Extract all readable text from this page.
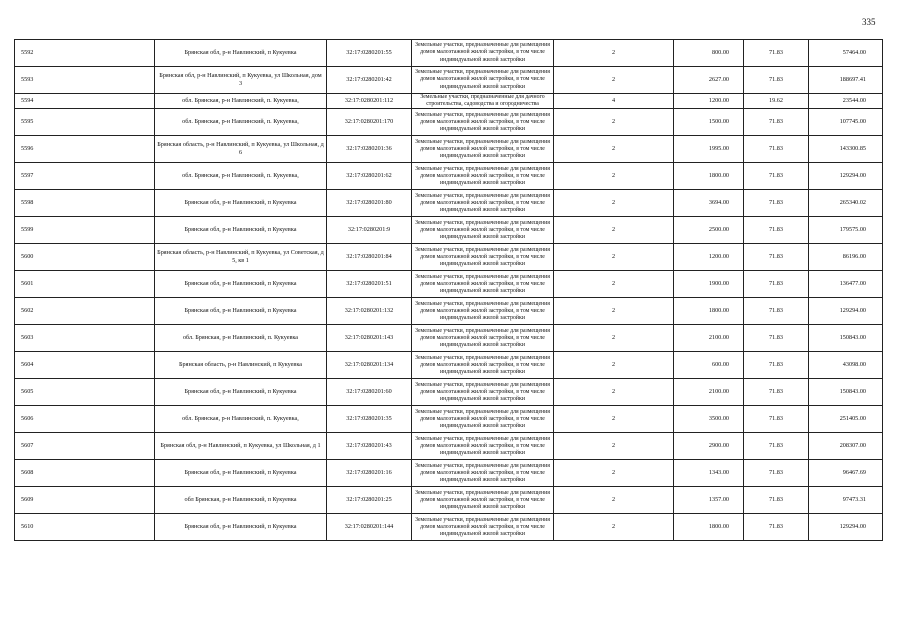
335
5592	Брянская обл, р-н Навлинский, п Кукуевка	32:17:0280201:55	Земельные участки, предназначенные для размещения домов малоэтажной жилой застройки, в том числе индивидуальной жилой застройки	2	800.00	71.83	57464.00
5593	Брянская обл, р-н Навлинский, п Кукуевка, ул Школьная, дом 3	32:17:0280201:42	Земельные участки, предназначенные для размещения домов малоэтажной жилой застройки, в том числе индивидуальной жилой застройки	2	2627.00	71.83	188697.41
5594	обл. Брянская, р-н Навлинский, п. Кукуевка,	32:17:0280201:112	Земельные участки, предназначенные для дачного строительства, садоводства и огородничества	4	1200.00	19.62	23544.00
5595	обл. Брянская, р-н Навлинский, п. Кукуевка,	32:17:0280201:170	Земельные участки, предназначенные для размещения домов малоэтажной жилой застройки, в том числе индивидуальной жилой застройки	2	1500.00	71.83	107745.00
5596	Брянская область, р-н Навлинский, п Кукуевка, ул Школьная, д 6	32:17:0280201:36	Земельные участки, предназначенные для размещения домов малоэтажной жилой застройки, в том числе индивидуальной жилой застройки	2	1995.00	71.83	143300.85
5597	обл. Брянская, р-н Навлинский, п. Кукуевка,	32:17:0280201:62	Земельные участки, предназначенные для размещения домов малоэтажной жилой застройки, в том числе индивидуальной жилой застройки	2	1800.00	71.83	129294.00
5598	Брянская обл, р-н Навлинский, п Кукуевка	32:17:0280201:80	Земельные участки, предназначенные для размещения домов малоэтажной жилой застройки, в том числе индивидуальной жилой застройки	2	3694.00	71.83	265340.02
5599	Брянская обл, р-н Навлинский, п Кукуевка	32:17:0280201:9	Земельные участки, предназначенные для размещения домов малоэтажной жилой застройки, в том числе индивидуальной жилой застройки	2	2500.00	71.83	179575.00
5600	Брянская область, р-н Навлинский, п Кукуевка, ул Советская, д 5, кв 1	32:17:0280201:84	Земельные участки, предназначенные для размещения домов малоэтажной жилой застройки, в том числе индивидуальной жилой застройки	2	1200.00	71.83	86196.00
5601	Брянская обл, р-н Навлинский, п Кукуевка	32:17:0280201:51	Земельные участки, предназначенные для размещения домов малоэтажной жилой застройки, в том числе индивидуальной жилой застройки	2	1900.00	71.83	136477.00
5602	Брянская обл, р-н Навлинский, п Кукуевка	32:17:0280201:132	Земельные участки, предназначенные для размещения домов малоэтажной жилой застройки, в том числе индивидуальной жилой застройки	2	1800.00	71.83	129294.00
5603	обл. Брянская, р-н Навлинский, п. Кукуевка	32:17:0280201:143	Земельные участки, предназначенные для размещения домов малоэтажной жилой застройки, в том числе индивидуальной жилой застройки	2	2100.00	71.83	150843.00
5604	Брянская область, р-н Навлинский, п Кукуевка	32:17:0280201:134	Земельные участки, предназначенные для размещения домов малоэтажной жилой застройки, в том числе индивидуальной жилой застройки	2	600.00	71.83	43098.00
5605	Брянская обл, р-н Навлинский, п Кукуевка	32:17:0280201:60	Земельные участки, предназначенные для размещения домов малоэтажной жилой застройки, в том числе индивидуальной жилой застройки	2	2100.00	71.83	150843.00
5606	обл. Брянская, р-н Навлинский, п. Кукуевка,	32:17:0280201:35	Земельные участки, предназначенные для размещения домов малоэтажной жилой застройки, в том числе индивидуальной жилой застройки	2	3500.00	71.83	251405.00
5607	Брянская обл, р-н Навлинский, п Кукуевка, ул Школьная, д 1	32:17:0280201:43	Земельные участки, предназначенные для размещения домов малоэтажной жилой застройки, в том числе индивидуальной жилой застройки	2	2900.00	71.83	208307.00
5608	Брянская обл, р-н Навлинский, п Кукуевка	32:17:0280201:16	Земельные участки, предназначенные для размещения домов малоэтажной жилой застройки, в том числе индивидуальной жилой застройки	2	1343.00	71.83	96467.69
5609	обл Брянская, р-н Навлинский, п Кукуевка	32:17:0280201:25	Земельные участки, предназначенные для размещения домов малоэтажной жилой застройки, в том числе индивидуальной жилой застройки	2	1357.00	71.83	97473.31
5610	Брянская обл, р-н Навлинский, п Кукуевка	32:17:0280201:144	Земельные участки, предназначенные для размещения домов малоэтажной жилой застройки, в том числе индивидуальной жилой застройки	2	1800.00	71.83	129294.00
